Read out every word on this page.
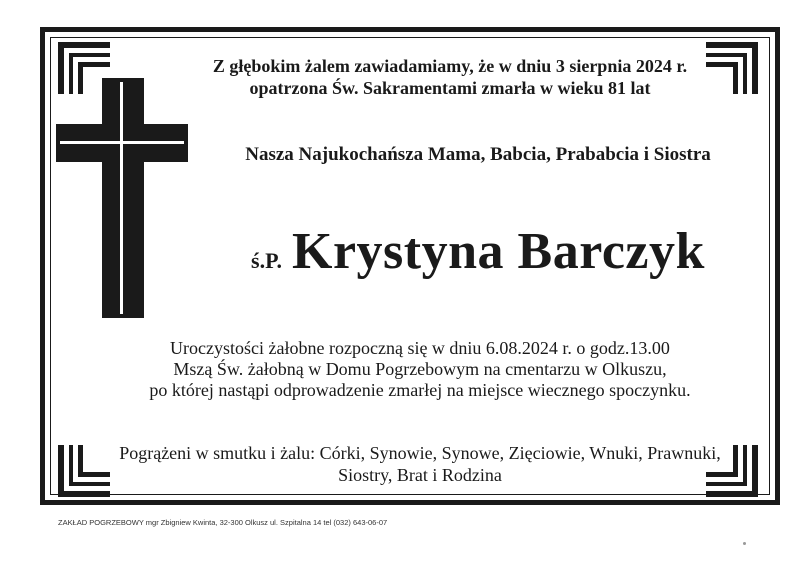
Z głębokim żalem zawiadamiamy, że w dniu 3 sierpnia 2024 r.
opatrzona Św. Sakramentami zmarła w wieku 81 lat
Nasza Najukochańsza Mama, Babcia, Prababcia i Siostra
ś.P. Krystyna Barczyk
Uroczystości żałobne rozpoczną się w dniu 6.08.2024 r. o godz.13.00
Mszą Św. żałobną w Domu Pogrzebowym na cmentarzu w Olkuszu,
po której nastąpi odprowadzenie zmarłej na miejsce wiecznego spoczynku.
Pogrążeni w smutku i żalu: Córki, Synowie, Synowe, Zięciowie, Wnuki, Prawnuki,
Siostry, Brat i Rodzina
ZAKŁAD POGRZEBOWY mgr Zbigniew Kwinta, 32-300 Olkusz ul. Szpitalna 14 tel (032) 643-06-07
